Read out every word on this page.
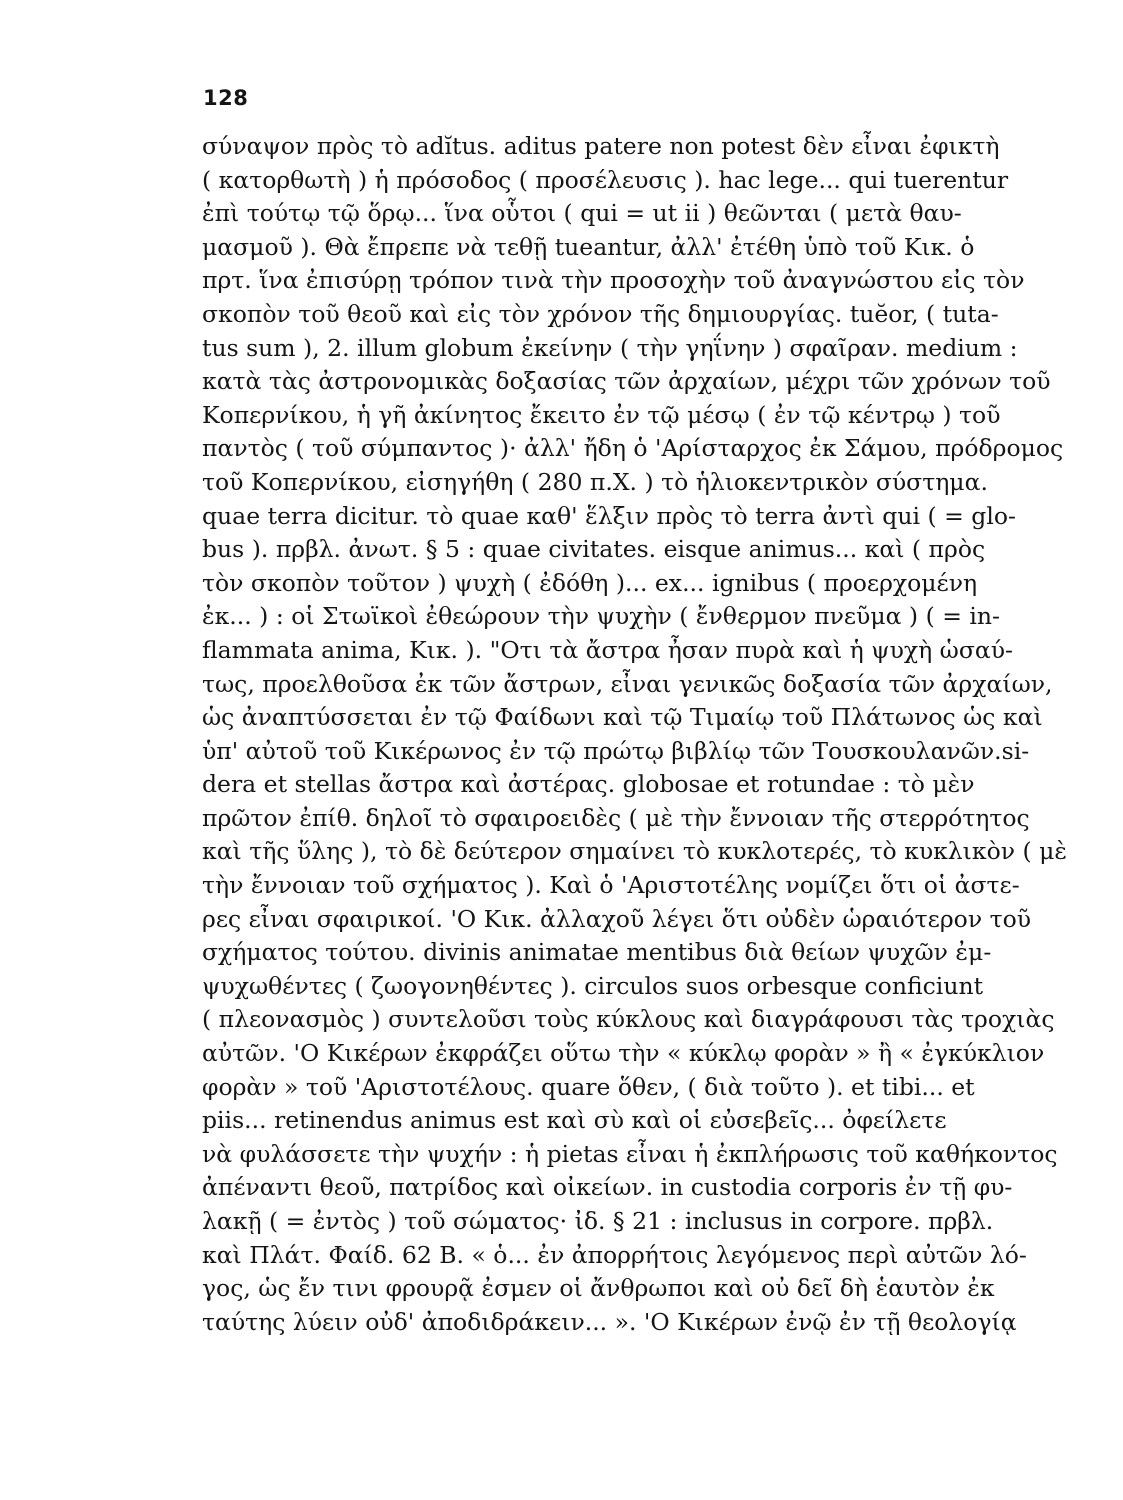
128
σύναψον πρὸς τὸ adĭtus. aditus patere non potest δὲν εἶναι ἐφικτὴ
( κατορθωτὴ ) ἡ πρόσοδος ( προσέλευσις ). hac lege... qui tuerentur
ἐπὶ τούτῳ τῷ ὅρῳ... ἵνα οὗτοι ( qui = ut ii ) θεῶνται ( μετὰ θαυ-
μασμοῦ ). Θὰ ἔπρεπε νὰ τεθῇ tueantur, ἀλλ' ἐτέθη ὑπὸ τοῦ Κικ. ὁ
πρτ. ἵνα ἐπισύρῃ τρόπον τινὰ τὴν προσοχὴν τοῦ ἀναγνώστου εἰς τὸν
σκοπὸν τοῦ θεοῦ καὶ εἰς τὸν χρόνον τῆς δημιουργίας. tuĕor, ( tuta-
tus sum ), 2. illum globum ἐκείνην ( τὴν γηΐνην ) σφαῖραν. medium :
κατὰ τὰς ἀστρονομικὰς δοξασίας τῶν ἀρχαίων, μέχρι τῶν χρόνων τοῦ
Κοπερνίκου, ἡ γῆ ἀκίνητος ἔκειτο ἐν τῷ μέσῳ ( ἐν τῷ κέντρῳ ) τοῦ
παντὸς ( τοῦ σύμπαντος )· ἀλλ' ἤδη ὁ 'Αρίσταρχος ἐκ Σάμου, πρόδρομος
τοῦ Κοπερνίκου, εἰσηγήθη ( 280 π.Χ. ) τὸ ἡλιοκεντρικὸν σύστημα.
quae terra dicitur. τὸ quae καθ' ἕλξιν πρὸς τὸ terra ἀντὶ qui ( = glo-
bus ). πρβλ. ἀνωτ. § 5 : quae civitates. eisque animus... καὶ ( πρὸς
τὸν σκοπὸν τοῦτον ) ψυχὴ ( ἐδόθη )... ex... ignibus ( προερχομένη
ἐκ... ) : οἱ Στωϊκοὶ ἐθεώρουν τὴν ψυχὴν ( ἔνθερμον πνεῦμα ) ( = in-
flammata anima, Κικ. ). "Οτι τὰ ἄστρα ἦσαν πυρὰ καὶ ἡ ψυχὴ ὡσαύ-
τως, προελθοῦσα ἐκ τῶν ἄστρων, εἶναι γενικῶς δοξασία τῶν ἀρχαίων,
ὡς ἀναπτύσσεται ἐν τῷ Φαίδωνι καὶ τῷ Τιμαίῳ τοῦ Πλάτωνος ὡς καὶ
ὑπ' αὐτοῦ τοῦ Κικέρωνος ἐν τῷ πρώτῳ βιβλίῳ τῶν Τουσκουλανῶν.si-
dera et stellas ἄστρα καὶ ἀστέρας. globosae et rotundae : τὸ μὲν
πρῶτον ἐπίθ. δηλοῖ τὸ σφαιροειδὲς ( μὲ τὴν ἔννοιαν τῆς στερρότητος
καὶ τῆς ὕλης ), τὸ δὲ δεύτερον σημαίνει τὸ κυκλοτερές, τὸ κυκλικὸν ( μὲ
τὴν ἔννοιαν τοῦ σχήματος ). Καὶ ὁ 'Αριστοτέλης νομίζει ὅτι οἱ ἀστε-
ρες εἶναι σφαιρικοί. 'Ο Κικ. ἀλλαχοῦ λέγει ὅτι οὐδὲν ὡραιότερον τοῦ
σχήματος τούτου. divinis animatae mentibus διὰ θείων ψυχῶν ἐμ-
ψυχωθέντες ( ζωογονηθέντες ). circulos suos orbesque conficiunt
( πλεονασμὸς ) συντελοῦσι τοὺς κύκλους καὶ διαγράφουσι τὰς τροχιὰς
αὐτῶν. 'Ο Κικέρων ἐκφράζει οὕτω τὴν « κύκλῳ φορὰν » ἢ « ἐγκύκλιον
φορὰν » τοῦ 'Αριστοτέλους. quare ὅθεν, ( διὰ τοῦτο ). et tibi... et
piis... retinendus animus est καὶ σὺ καὶ οἱ εὐσεβεῖς... ὀφείλετε
νὰ φυλάσσετε τὴν ψυχήν : ἡ pietas εἶναι ἡ ἐκπλήρωσις τοῦ καθήκοντος
ἀπέναντι θεοῦ, πατρίδος καὶ οἰκείων. in custodia corporis ἐν τῇ φυ-
λακῇ ( = ἐντὸς ) τοῦ σώματος· ἰδ. § 21 : inclusus in corpore. πρβλ.
καὶ Πλάτ. Φαίδ. 62 Β. « ὁ... ἐν ἀπορρήτοις λεγόμενος περὶ αὐτῶν λό-
γος, ὡς ἔν τινι φρουρᾷ ἐσμεν οἱ ἄνθρωποι καὶ οὐ δεῖ δὴ ἑαυτὸν ἐκ
ταύτης λύειν οὐδ' ἀποδιδράκειν... ». 'Ο Κικέρων ἐνῷ ἐν τῇ θεολογίᾳ
